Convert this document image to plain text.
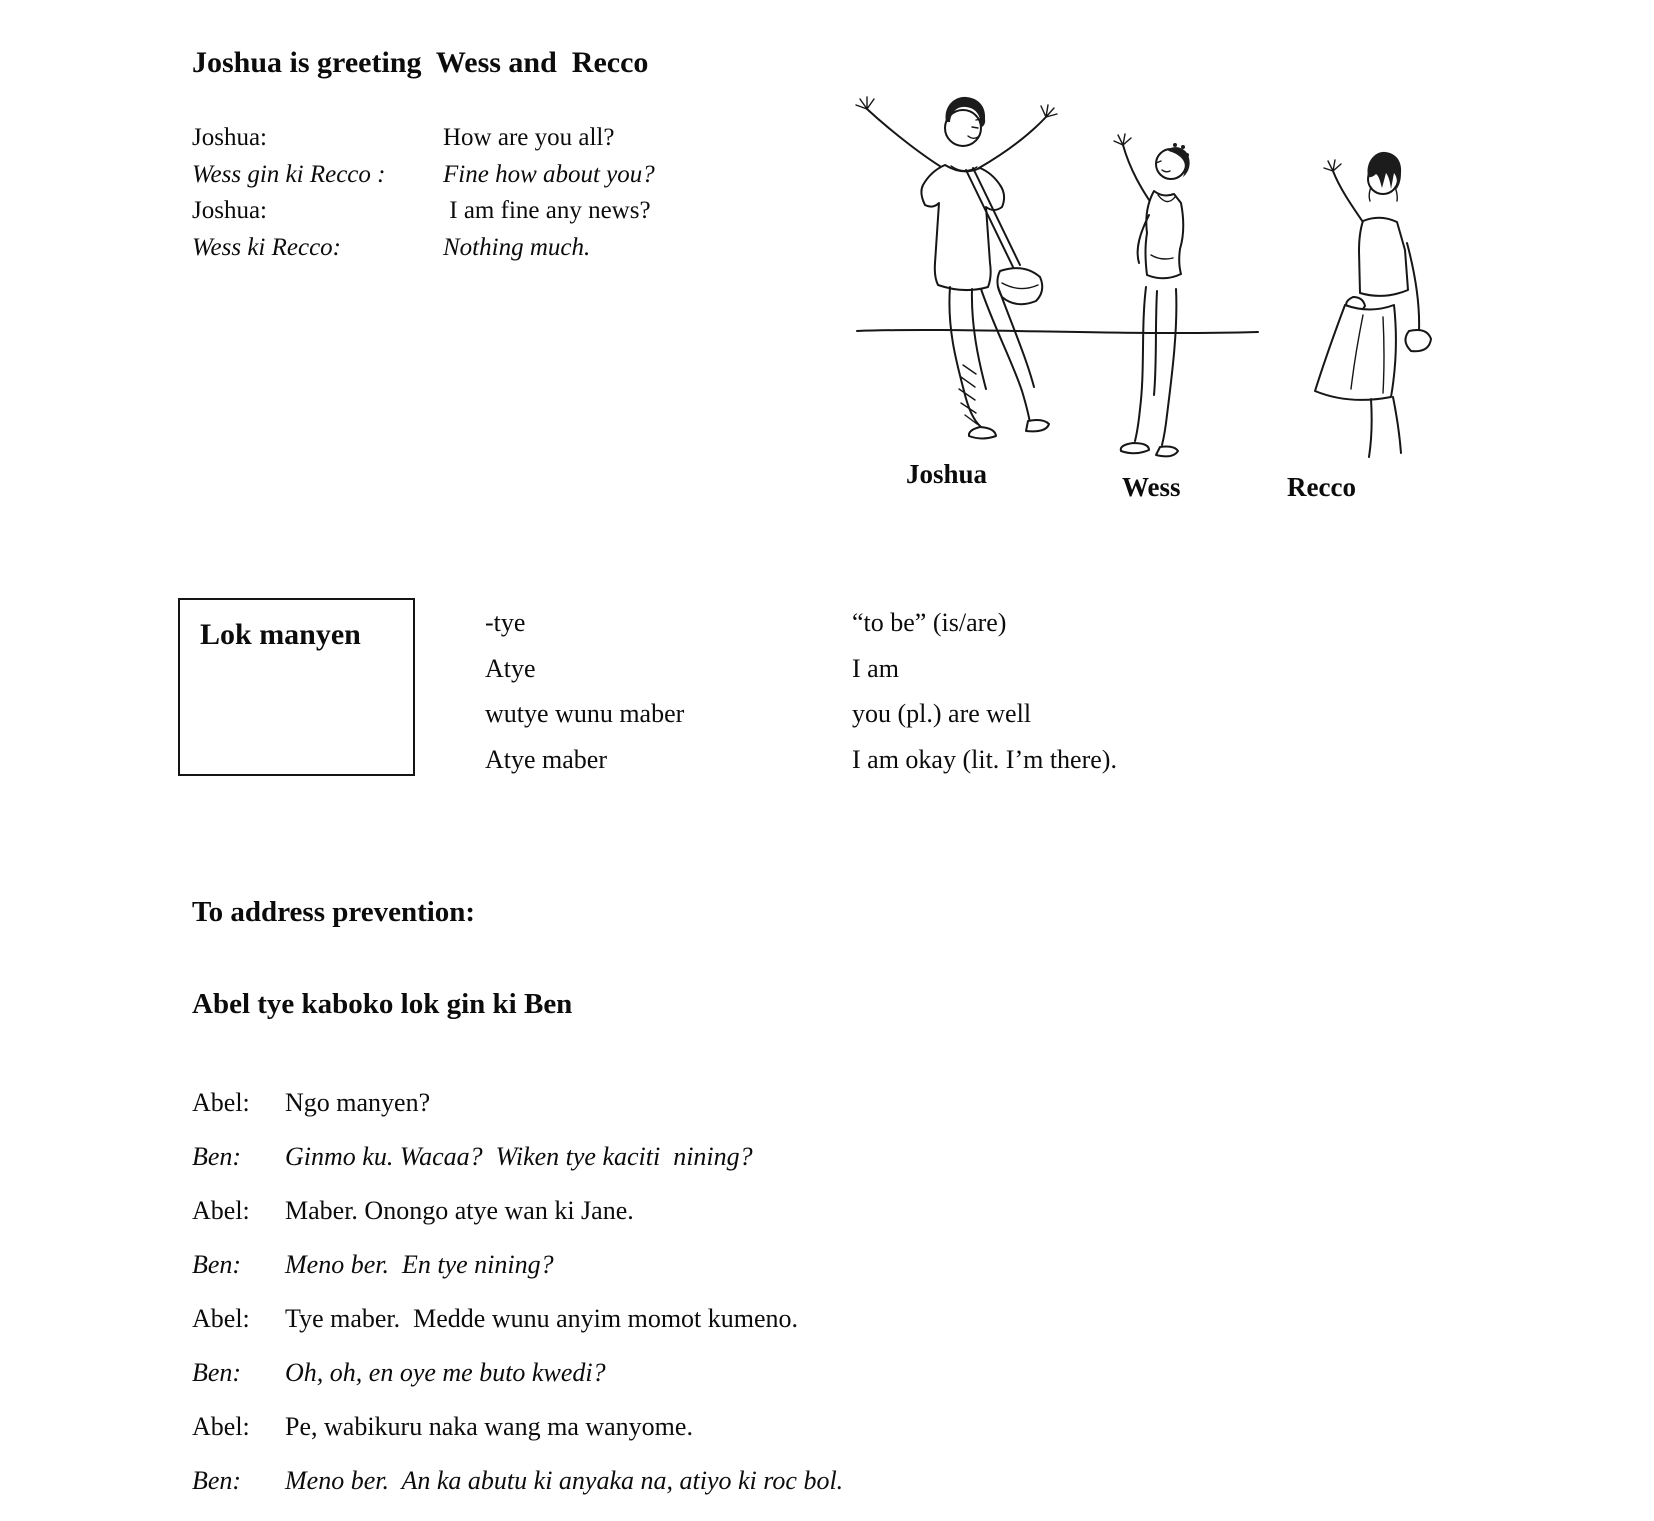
Joshua is greeting  Wess and  Recco
Joshua:	How are you all?
Wess gin ki Recco : Fine how about you?
Joshua:	I am fine any news?
Wess ki Recco:	Nothing much.
Joshua	Wess	Recco
Lok manyen	-tye	“to be” (is/are)
Atye	I am
wutye wunu maber	you (pl.) are well
Atye maber	I am okay (lit. I’m there).
To address prevention:
Abel tye kaboko lok gin ki Ben
Abel: Ngo manyen?
Ben: Ginmo ku. Wacaa?  Wiken tye kaciti  nining?
Abel: Maber. Onongo atye wan ki Jane.
Ben: Meno ber.  En tye nining?
Abel: Tye maber.  Medde wunu anyim momot kumeno.
Ben: Oh, oh, en oye me buto kwedi?
Abel: Pe, wabikuru naka wang ma wanyome.
Ben: Meno ber.  An ka abutu ki anyaka na, atiyo ki roc bol.
